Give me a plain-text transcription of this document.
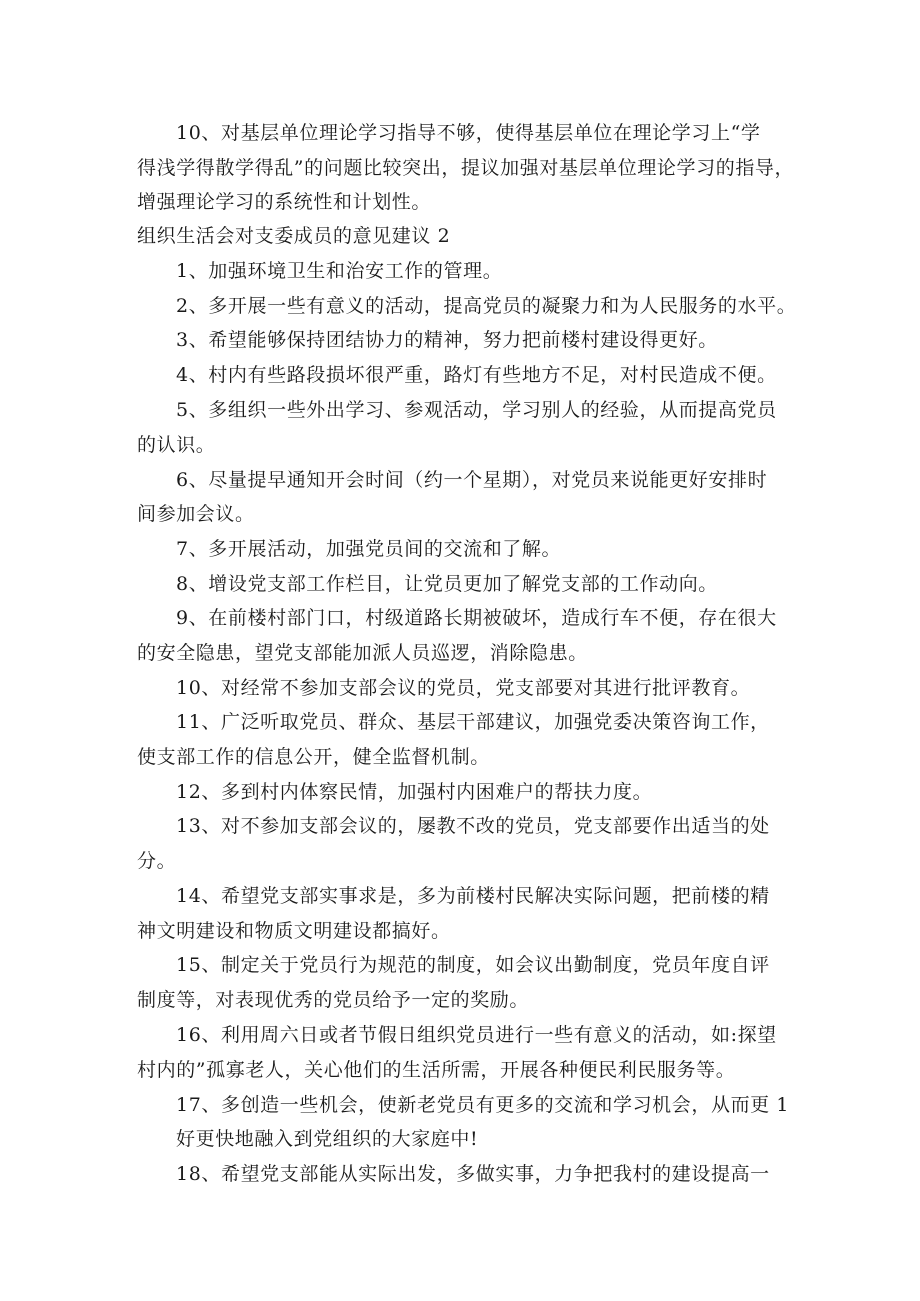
10、对基层单位理论学习指导不够，使得基层单位在理论学习上“学
得浅学得散学得乱”的问题比较突出，提议加强对基层单位理论学习的指导，
增强理论学习的系统性和计划性。
组织生活会对支委成员的意见建议 2
1、加强环境卫生和治安工作的管理。
2、多开展一些有意义的活动，提高党员的凝聚力和为人民服务的水平。
3、希望能够保持团结协力的精神，努力把前楼村建设得更好。
4、村内有些路段损坏很严重，路灯有些地方不足，对村民造成不便。
5、多组织一些外出学习、参观活动，学习别人的经验，从而提高党员
的认识。
6、尽量提早通知开会时间（约一个星期），对党员来说能更好安排时
间参加会议。
7、多开展活动，加强党员间的交流和了解。
8、增设党支部工作栏目，让党员更加了解党支部的工作动向。
9、在前楼村部门口，村级道路长期被破坏，造成行车不便，存在很大
的安全隐患，望党支部能加派人员巡逻，消除隐患。
10、对经常不参加支部会议的党员，党支部要对其进行批评教育。
11、广泛听取党员、群众、基层干部建议，加强党委决策咨询工作，
使支部工作的信息公开，健全监督机制。
12、多到村内体察民情，加强村内困难户的帮扶力度。
13、对不参加支部会议的，屡教不改的党员，党支部要作出适当的处
分。
14、希望党支部实事求是，多为前楼村民解决实际问题，把前楼的精
神文明建设和物质文明建设都搞好。
15、制定关于党员行为规范的制度，如会议出勤制度，党员年度自评
制度等，对表现优秀的党员给予一定的奖励。
16、利用周六日或者节假日组织党员进行一些有意义的活动，如:探望
村内的”孤寡老人，关心他们的生活所需，开展各种便民利民服务等。
17、多创造一些机会，使新老党员有更多的交流和学习机会，从而更 1
好更快地融入到党组织的大家庭中!
18、希望党支部能从实际出发，多做实事，力争把我村的建设提高一
